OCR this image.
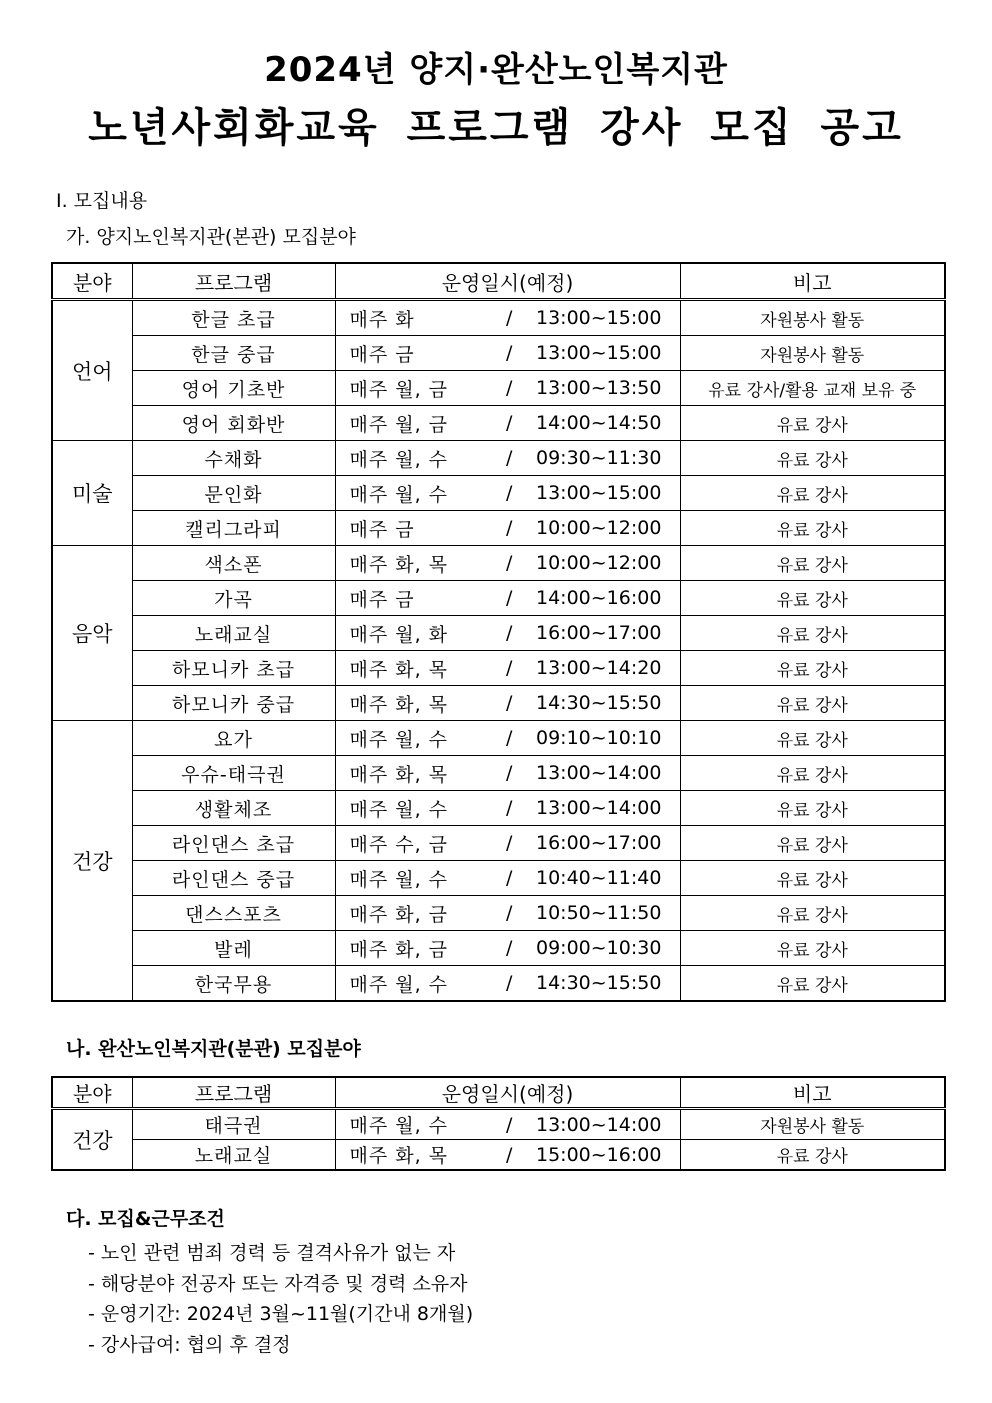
2024년 양지·완산노인복지관
노년사회화교육 프로그램 강사 모집 공고
Ⅰ. 모집내용
가. 양지노인복지관(본관) 모집분야
분야	프로그램	운영일시(예정)		비고
언어	한글 초급	매주 화	/ 13:00~15:00	자원봉사 활동
	한글 중급	매주 금	/ 13:00~15:00	자원봉사 활동
	영어 기초반	매주 월, 금	/ 13:00~13:50	유료 강사/활용 교재 보유 중
	영어 회화반	매주 월, 금	/ 14:00~14:50	유료 강사
미술	수채화	매주 월, 수	/ 09:30~11:30	유료 강사
	문인화	매주 월, 수	/ 13:00~15:00	유료 강사
	캘리그라피	매주 금	/ 10:00~12:00	유료 강사
음악	색소폰	매주 화, 목	/ 10:00~12:00	유료 강사
	가곡	매주 금	/ 14:00~16:00	유료 강사
	노래교실	매주 월, 화	/ 16:00~17:00	유료 강사
	하모니카 초급	매주 화, 목	/ 13:00~14:20	유료 강사
	하모니카 중급	매주 화, 목	/ 14:30~15:50	유료 강사
건강	요가	매주 월, 수	/ 09:10~10:10	유료 강사
	우슈-태극권	매주 화, 목	/ 13:00~14:00	유료 강사
	생활체조	매주 월, 수	/ 13:00~14:00	유료 강사
	라인댄스 초급	매주 수, 금	/ 16:00~17:00	유료 강사
	라인댄스 중급	매주 월, 수	/ 10:40~11:40	유료 강사
	댄스스포츠	매주 화, 금	/ 10:50~11:50	유료 강사
	발레	매주 화, 금	/ 09:00~10:30	유료 강사
	한국무용	매주 월, 수	/ 14:30~15:50	유료 강사
나. 완산노인복지관(분관) 모집분야
분야	프로그램	운영일시(예정)		비고
건강	태극권	매주 월, 수	/ 13:00~14:00	자원봉사 활동
	노래교실	매주 화, 목	/ 15:00~16:00	유료 강사
다. 모집&근무조건
- 노인 관련 범죄 경력 등 결격사유가 없는 자
- 해당분야 전공자 또는 자격증 및 경력 소유자
- 운영기간: 2024년 3월~11월(기간내 8개월)
- 강사급여: 협의 후 결정
